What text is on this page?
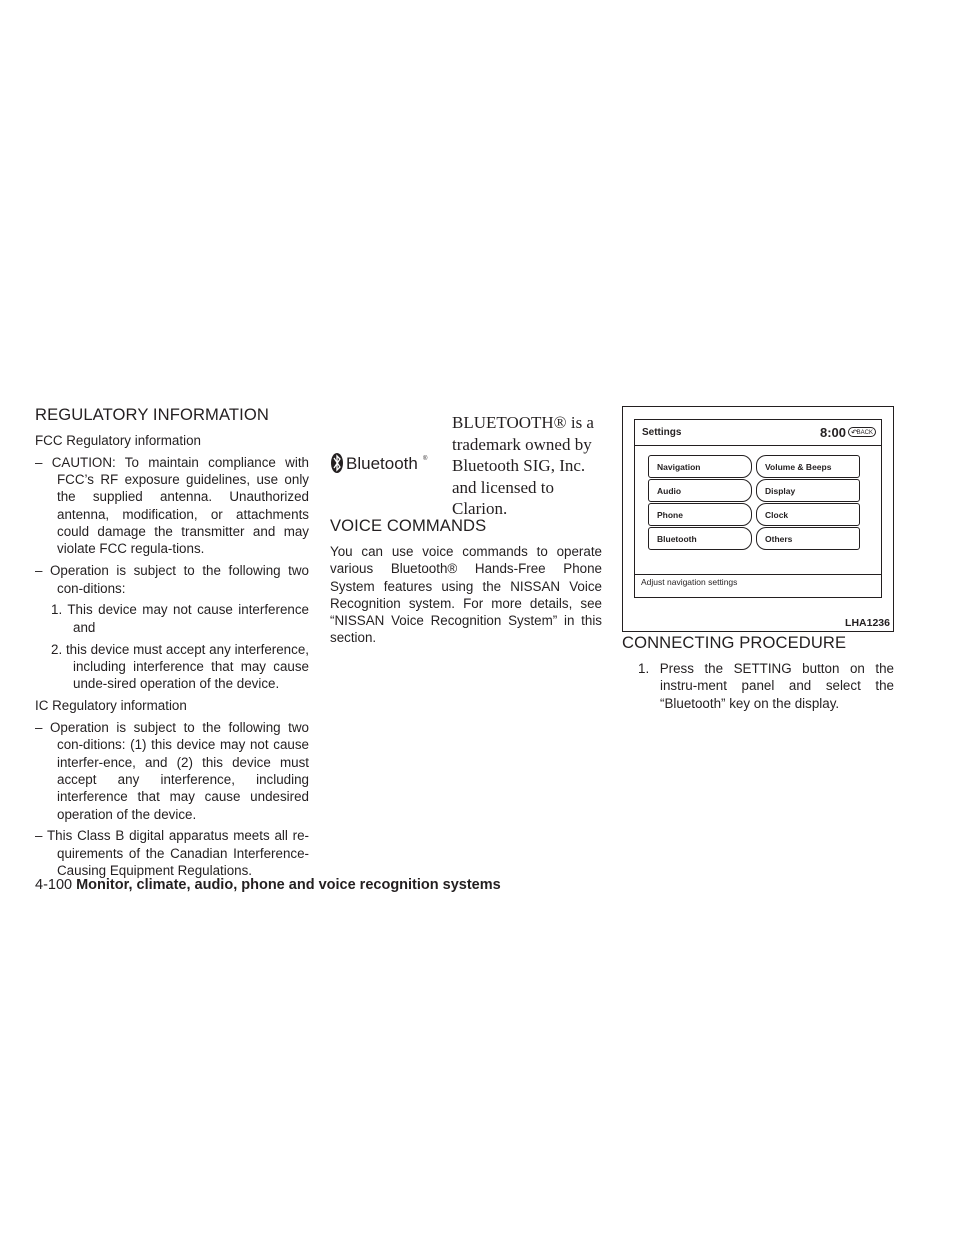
REGULATORY INFORMATION

FCC Regulatory information

– CAUTION: To maintain compliance with FCC’s RF exposure guidelines, use only the supplied antenna. Unauthorized antenna, modification, or attachments could damage the transmitter and may violate FCC regula-tions.

– Operation is subject to the following two con-ditions:

1. This device may not cause interference and

2. this device must accept any interference, including interference that may cause unde-sired operation of the device.

IC Regulatory information

– Operation is subject to the following two con-ditions: (1) this device may not cause interfer-ence, and (2) this device must accept any interference, including interference that may cause undesired operation of the device.

– This Class B digital apparatus meets all re-quirements of the Canadian Interference-Causing Equipment Regulations.

Bluetooth ®
BLUETOOTH® is a trademark owned by Bluetooth SIG, Inc. and licensed to Clarion.
VOICE COMMANDS

You can use voice commands to operate various Bluetooth® Hands-Free Phone System features using the NISSAN Voice Recognition system. For more details, see “NISSAN Voice Recognition System” in this section.

Settings	8:00 ↶
BACK
Navigation
Audio
Phone
Bluetooth
Volume & Beeps
Display
Clock
Others
Adjust navigation settings
LHA1236
CONNECTING PROCEDURE

1. Press the SETTING button on the instru-ment panel and select the “Bluetooth” key on the display.

4-100 Monitor, climate, audio, phone and voice recognition systems
